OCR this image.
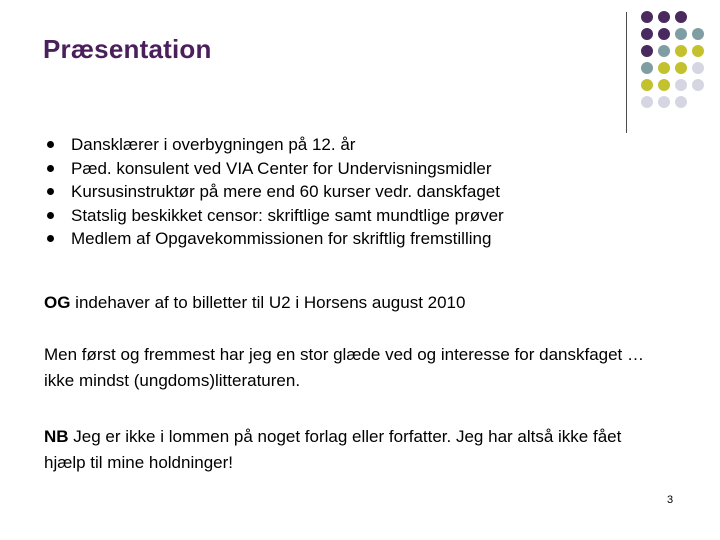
Præsentation
Dansklærer i overbygningen på 12. år
Pæd. konsulent ved VIA Center for Undervisningsmidler
Kursusinstruktør på mere end 60 kurser vedr. danskfaget
Statslig beskikket censor: skriftlige samt mundtlige prøver
Medlem af Opgavekommissionen for skriftlig fremstilling
OG indehaver af to billetter til U2 i Horsens august 2010
Men først og fremmest har jeg en stor glæde ved og interesse for danskfaget … ikke mindst (ungdoms)litteraturen.
NB Jeg er ikke i lommen på noget forlag eller forfatter. Jeg har altså ikke fået hjælp til mine holdninger!
3
